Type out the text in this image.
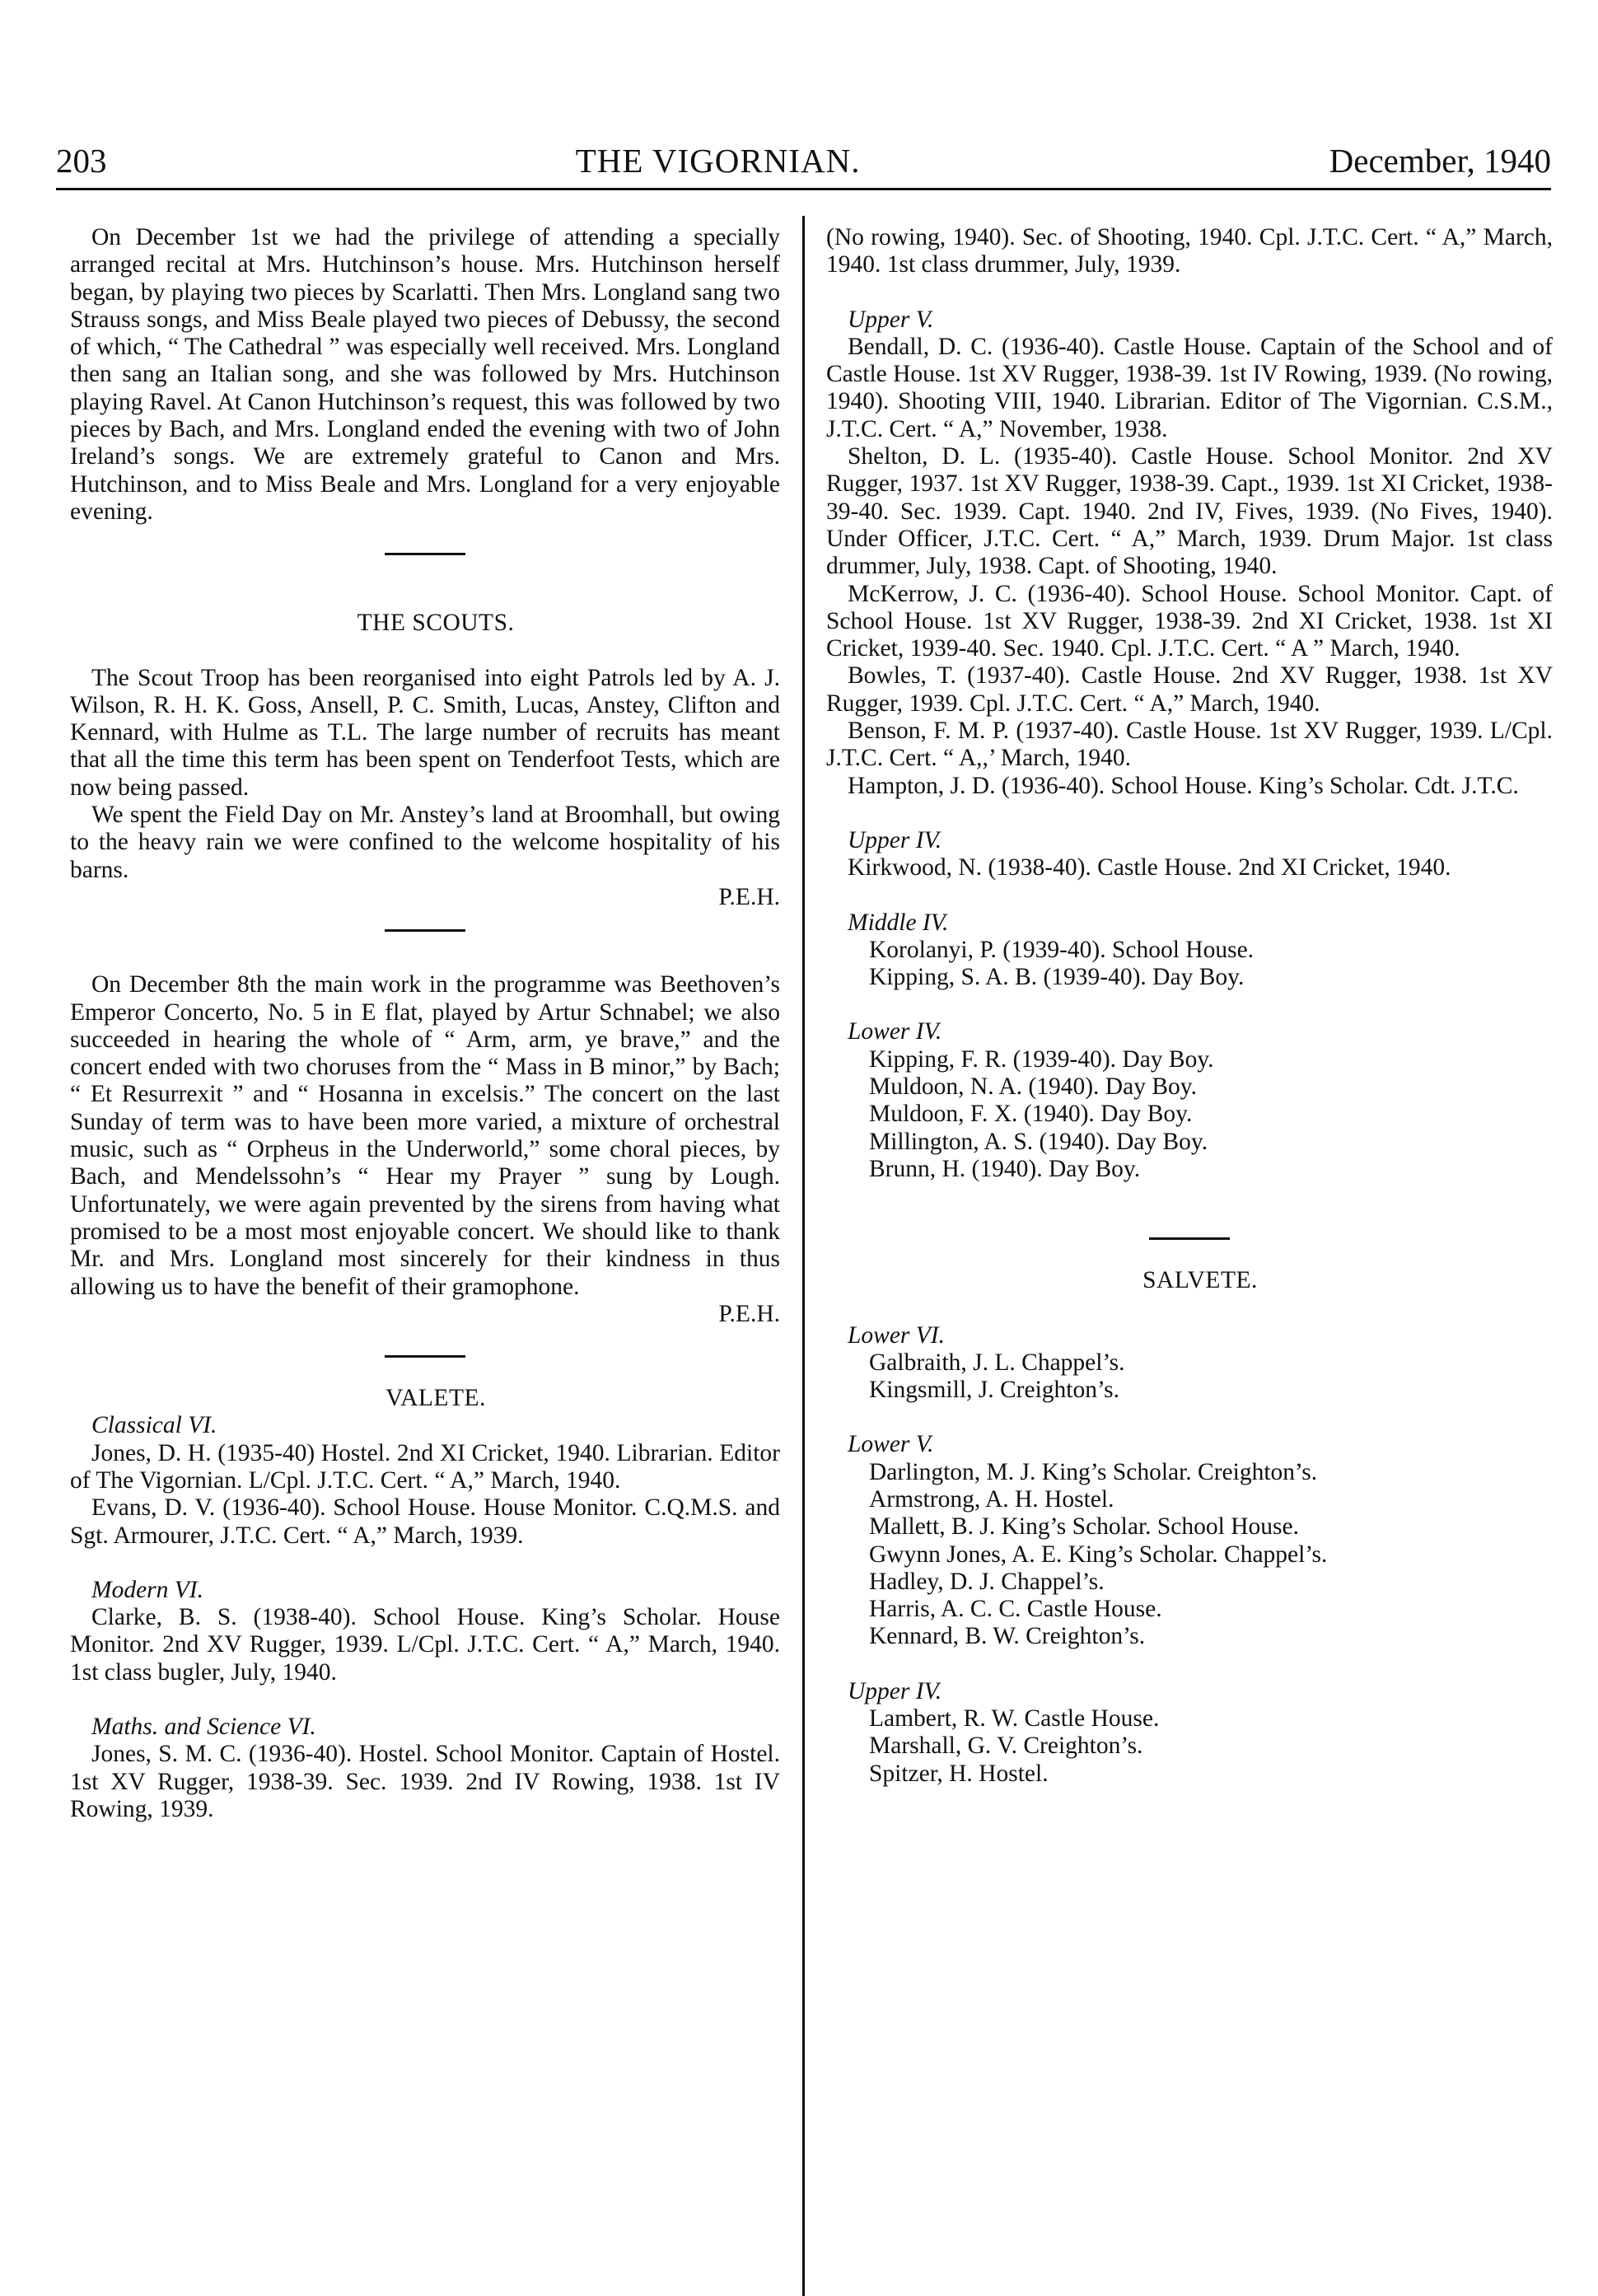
203	THE VIGORNIAN.	December, 1940

On December 1st we had the privilege of attending a specially arranged recital at Mrs. Hutchinson’s house. Mrs. Hutchinson herself began, by playing two pieces by Scarlatti. Then Mrs. Longland sang two Strauss songs, and Miss Beale played two pieces of Debussy, the second of which, “ The Cathedral ” was especially well received. Mrs. Longland then sang an Italian song, and she was followed by Mrs. Hutchinson playing Ravel. At Canon Hutchinson’s request, this was followed by two pieces by Bach, and Mrs. Longland ended the evening with two of John Ireland’s songs. We are extremely grateful to Canon and Mrs. Hutchinson, and to Miss Beale and Mrs. Longland for a very enjoyable evening.

THE SCOUTS.

The Scout Troop has been reorganised into eight Patrols led by A. J. Wilson, R. H. K. Goss, Ansell, P. C. Smith, Lucas, Anstey, Clifton and Kennard, with Hulme as T.L. The large number of recruits has meant that all the time this term has been spent on Tenderfoot Tests, which are now being passed.

We spent the Field Day on Mr. Anstey’s land at Broomhall, but owing to the heavy rain we were confined to the welcome hospitality of his barns.

P.E.H.

On December 8th the main work in the programme was Beethoven’s Emperor Concerto, No. 5 in E flat, played by Artur Schnabel; we also succeeded in hearing the whole of “ Arm, arm, ye brave,” and the concert ended with two choruses from the “ Mass in B minor,” by Bach; “ Et Resurrexit ” and “ Hosanna in excelsis.” The concert on the last Sunday of term was to have been more varied, a mixture of orchestral music, such as “ Orpheus in the Underworld,” some choral pieces, by Bach, and Mendelssohn’s “ Hear my Prayer ” sung by Lough. Unfortunately, we were again prevented by the sirens from having what promised to be a most most enjoyable concert. We should like to thank Mr. and Mrs. Longland most sincerely for their kindness in thus allowing us to have the benefit of their gramophone.

P.E.H.

VALETE.

Classical VI.

Jones, D. H. (1935-40) Hostel. 2nd XI Cricket, 1940. Librarian. Editor of The Vigornian. L/Cpl. J.T.C. Cert. “ A,” March, 1940.

Evans, D. V. (1936-40). School House. House Monitor. C.Q.M.S. and Sgt. Armourer, J.T.C. Cert. “ A,” March, 1939.

Modern VI.

Clarke, B. S. (1938-40). School House. King’s Scholar. House Monitor. 2nd XV Rugger, 1939. L/Cpl. J.T.C. Cert. “ A,” March, 1940. 1st class bugler, July, 1940.

Maths. and Science VI.

Jones, S. M. C. (1936-40). Hostel. School Monitor. Captain of Hostel. 1st XV Rugger, 1938-39. Sec. 1939. 2nd IV Rowing, 1938. 1st IV Rowing, 1939.

(No rowing, 1940). Sec. of Shooting, 1940. Cpl. J.T.C. Cert. “ A,” March, 1940. 1st class drummer, July, 1939.

Upper V.

Bendall, D. C. (1936-40). Castle House. Captain of the School and of Castle House. 1st XV Rugger, 1938-39. 1st IV Rowing, 1939. (No rowing, 1940). Shooting VIII, 1940. Librarian. Editor of The Vigornian. C.S.M., J.T.C. Cert. “ A,” November, 1938.

Shelton, D. L. (1935-40). Castle House. School Monitor. 2nd XV Rugger, 1937. 1st XV Rugger, 1938-39. Capt., 1939. 1st XI Cricket, 1938-39-40. Sec. 1939. Capt. 1940. 2nd IV, Fives, 1939. (No Fives, 1940). Under Officer, J.T.C. Cert. “ A,” March, 1939. Drum Major. 1st class drummer, July, 1938. Capt. of Shooting, 1940.

McKerrow, J. C. (1936-40). School House. School Monitor. Capt. of School House. 1st XV Rugger, 1938-39. 2nd XI Cricket, 1938. 1st XI Cricket, 1939-40. Sec. 1940. Cpl. J.T.C. Cert. “ A ” March, 1940.

Bowles, T. (1937-40). Castle House. 2nd XV Rugger, 1938. 1st XV Rugger, 1939. Cpl. J.T.C. Cert. “ A,” March, 1940.

Benson, F. M. P. (1937-40). Castle House. 1st XV Rugger, 1939. L/Cpl. J.T.C. Cert. “ A,,’ March, 1940.

Hampton, J. D. (1936-40). School House. King’s Scholar. Cdt. J.T.C.

Upper IV.

Kirkwood, N. (1938-40). Castle House. 2nd XI Cricket, 1940.

Middle IV.

Korolanyi, P. (1939-40). School House.

Kipping, S. A. B. (1939-40). Day Boy.

Lower IV.

Kipping, F. R. (1939-40). Day Boy.

Muldoon, N. A. (1940). Day Boy.

Muldoon, F. X. (1940). Day Boy.

Millington, A. S. (1940). Day Boy.

Brunn, H. (1940). Day Boy.

SALVETE.

Lower VI.

Galbraith, J. L. Chappel’s.

Kingsmill, J. Creighton’s.

Lower V.

Darlington, M. J. King’s Scholar. Creighton’s.

Armstrong, A. H. Hostel.

Mallett, B. J. King’s Scholar. School House.

Gwynn Jones, A. E. King’s Scholar. Chappel’s.

Hadley, D. J. Chappel’s.

Harris, A. C. C. Castle House.

Kennard, B. W. Creighton’s.

Upper IV.

Lambert, R. W. Castle House.

Marshall, G. V. Creighton’s.

Spitzer, H. Hostel.
